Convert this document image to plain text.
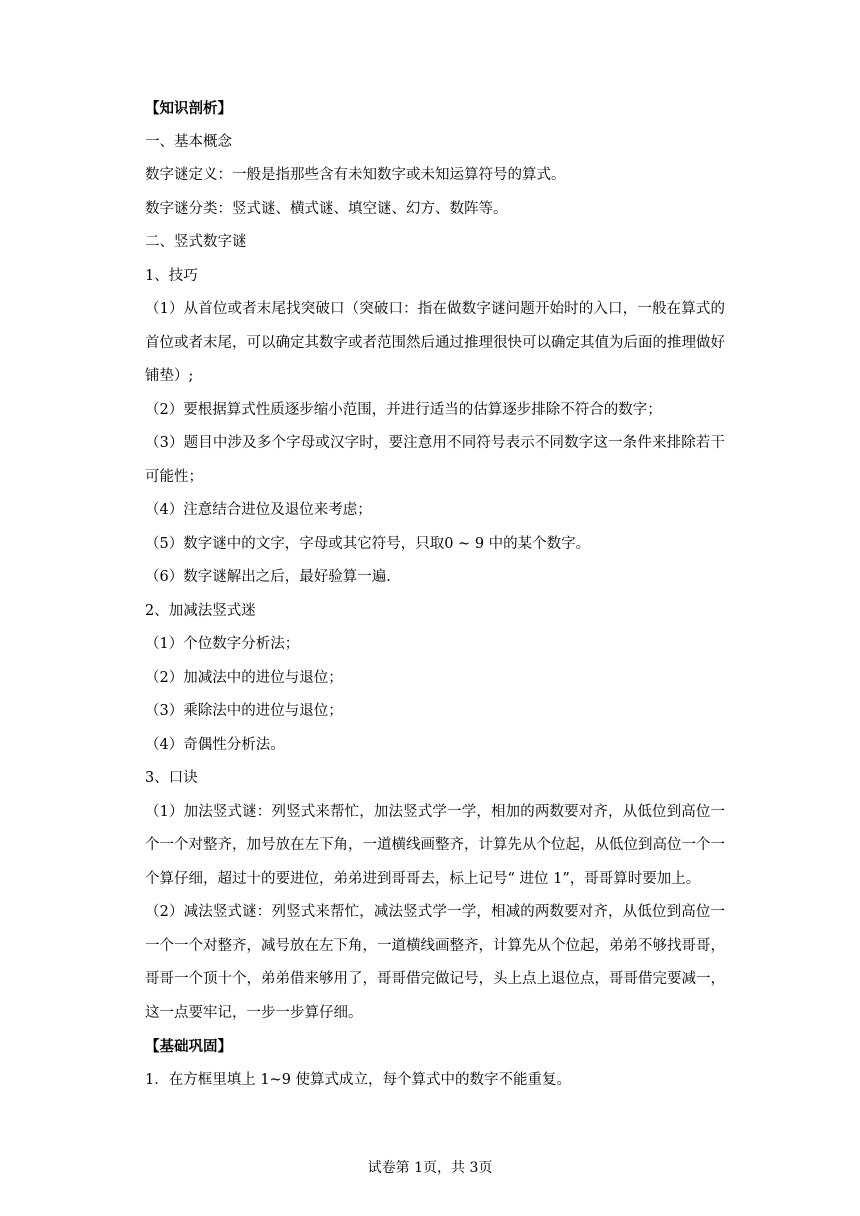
【知识剖析】
一、基本概念
数字谜定义：一般是指那些含有未知数字或未知运算符号的算式。
数字谜分类：竖式谜、横式谜、填空谜、幻方、数阵等。
二、竖式数字谜
1、技巧

（1）从首位或者末尾找突破口（突破口：指在做数字谜问题开始时的入口，一般在算式的首位或者末尾，可以确定其数字或者范围然后通过推理很快可以确定其值为后面的推理做好铺垫）;

（2）要根据算式性质逐步缩小范围，并进行适当的估算逐步排除不符合的数字；

（3）题目中涉及多个字母或汉字时，要注意用不同符号表示不同数字这一条件来排除若干可能性；

（4）注意结合进位及退位来考虑；
（5）数字谜中的文字，字母或其它符号，只取0 ~ 9 中的某个数字。
（6）数字谜解出之后，最好验算一遍.
2、加减法竖式迷
（1）个位数字分析法；
（2）加减法中的进位与退位；
（3）乘除法中的进位与退位；
（4）奇偶性分析法。
3、口诀

（1）加法竖式谜：列竖式来帮忙，加法竖式学一学，相加的两数要对齐，从低位到高位一个一个对整齐，加号放在左下角，一道横线画整齐，计算先从个位起，从低位到高位一个一个算仔细，超过十的要进位，弟弟进到哥哥去，标上记号“ 进位 1”，哥哥算时要加上。

（2）减法竖式谜：列竖式来帮忙，减法竖式学一学，相减的两数要对齐，从低位到高位一一个一个对整齐，减号放在左下角，一道横线画整齐，计算先从个位起，弟弟不够找哥哥，哥哥一个顶十个，弟弟借来够用了，哥哥借完做记号，头上点上退位点，哥哥借完要减一，这一点要牢记，一步一步算仔细。

【基础巩固】
1．在方框里填上 1~9 使算式成立，每个算式中的数字不能重复。
试卷第 1页，共 3页
